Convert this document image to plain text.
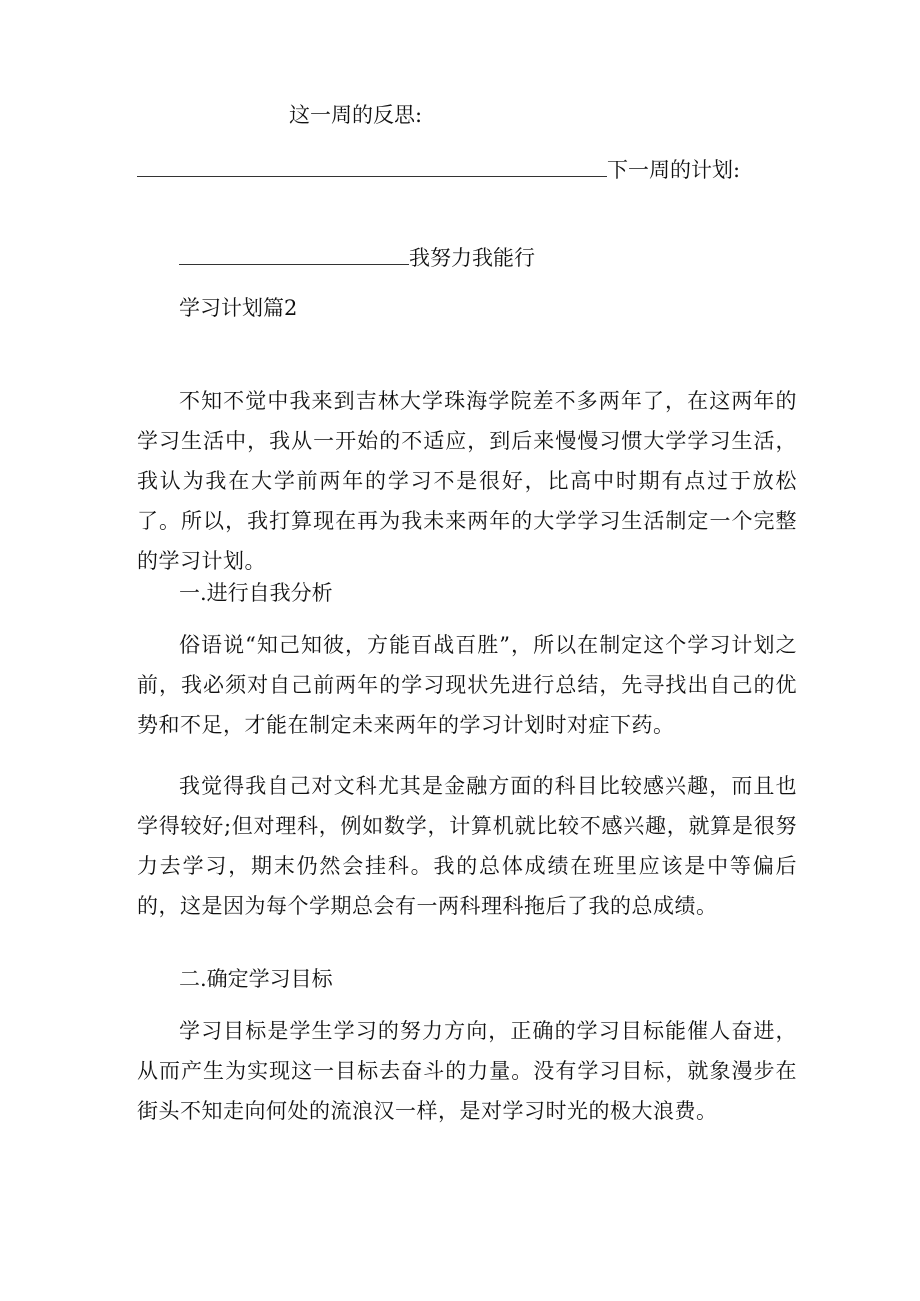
这一周的反思:
下一周的计划:
我努力我能行
学习计划篇2
不知不觉中我来到吉林大学珠海学院差不多两年了，在这两年的学习生活中，我从一开始的不适应，到后来慢慢习惯大学学习生活，我认为我在大学前两年的学习不是很好，比高中时期有点过于放松了。所以，我打算现在再为我未来两年的大学学习生活制定一个完整的学习计划。
一.进行自我分析
俗语说“知己知彼，方能百战百胜”，所以在制定这个学习计划之前，我必须对自己前两年的学习现状先进行总结，先寻找出自己的优势和不足，才能在制定未来两年的学习计划时对症下药。
我觉得我自己对文科尤其是金融方面的科目比较感兴趣，而且也学得较好;但对理科，例如数学，计算机就比较不感兴趣，就算是很努力去学习，期末仍然会挂科。我的总体成绩在班里应该是中等偏后的，这是因为每个学期总会有一两科理科拖后了我的总成绩。
二.确定学习目标
学习目标是学生学习的努力方向，正确的学习目标能催人奋进，从而产生为实现这一目标去奋斗的力量。没有学习目标，就象漫步在街头不知走向何处的流浪汉一样，是对学习时光的极大浪费。
